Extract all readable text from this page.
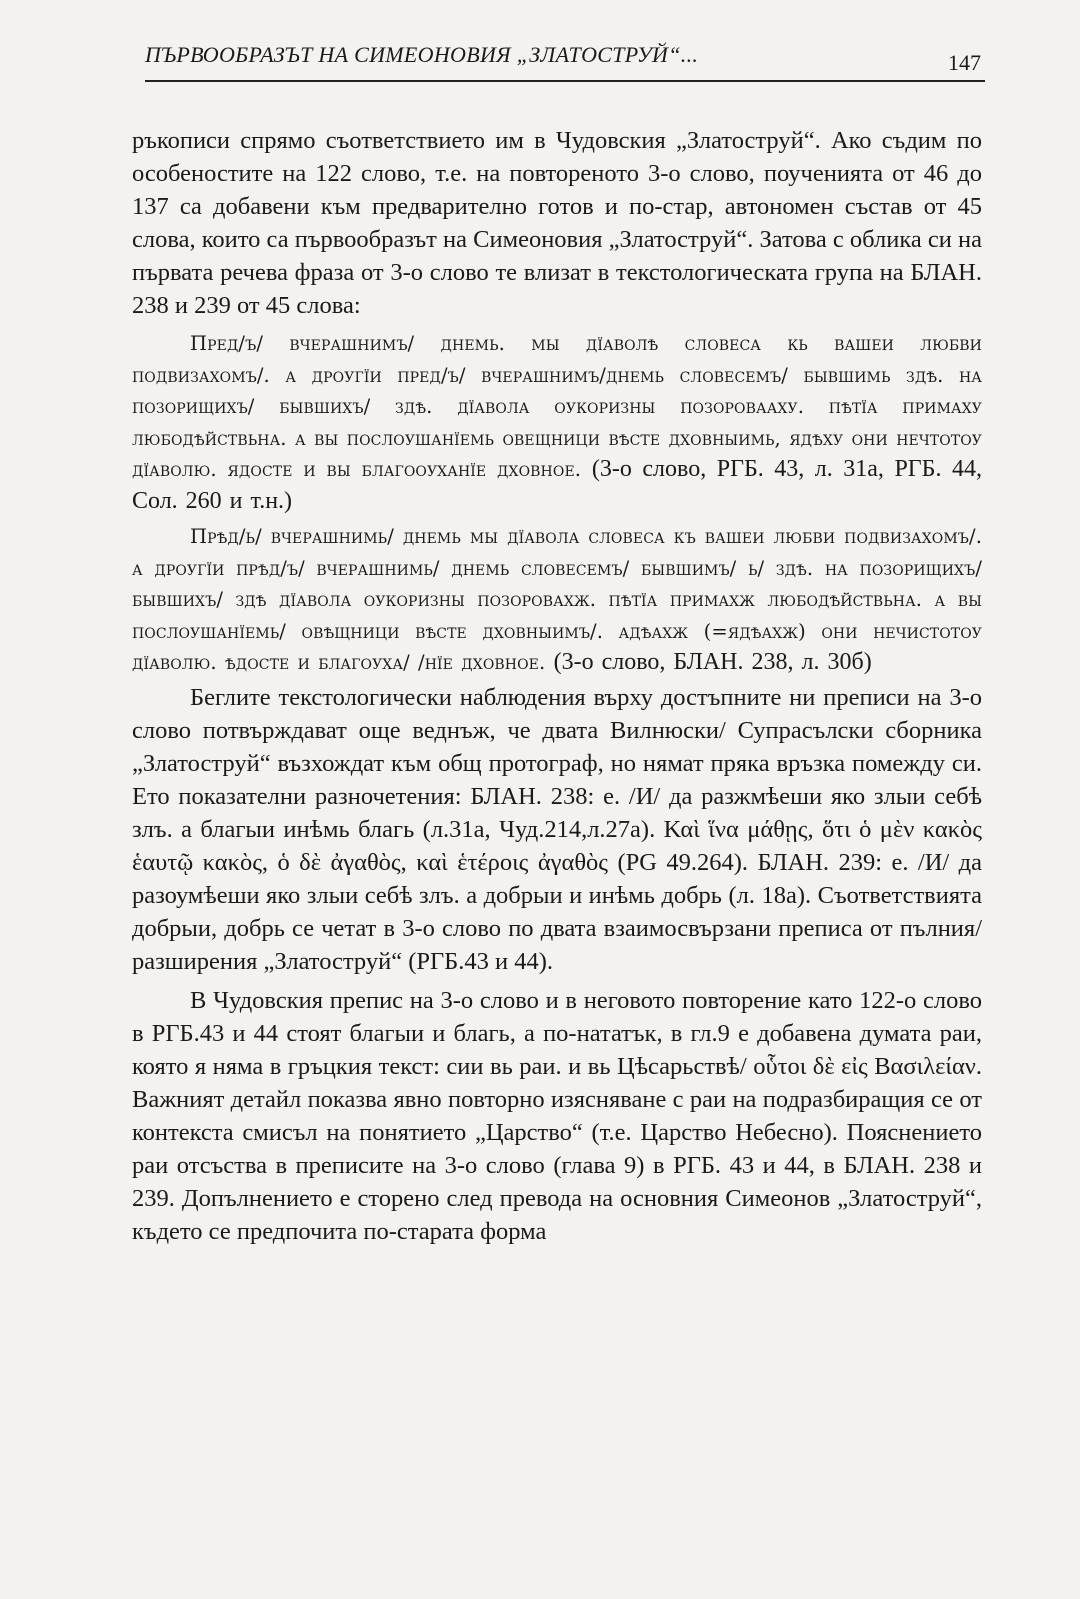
ПЪРВООБРАЗЪТ НА СИМЕОНОВИЯ „ЗЛАТОСТРУЙ“...	147

ръкописи спрямо съответствието им в Чудовския „Златоструй“. Ако съдим по особеностите на 122 слово, т.е. на повтореното 3-о слово, поученията от 46 до 137 са добавени към предварително готов и по-стар, автономен състав от 45 слова, които са първообразът на Симеоновия „Златоструй“. Затова с облика си на първата речева фраза от 3-о слово те влизат в текстологическата група на БЛАН. 238 и 239 от 45 слова:

Пред/ъ/ вчерашнимъ/ днемь. мы дїаволѣ словеса кь вашеи любви подвизахомъ/. а дроугїи пред/ъ/ вчерашнимъ/днемь словесемъ/ бывшимь здѣ. на позорищихъ/ бывшихъ/ здѣ. дїавола оукоризны позоровааху. пѣтїа примаху любодѣйствьна. а вы послоушанїемь овещници вѣсте дховныимь, ядѣху они нечтотоу дїаволю. ядосте и вы благооуханїе дховное. (3-о слово, РГБ. 43, л. 31а, РГБ. 44, Сол. 260 и т.н.)

Прѣд/ь/ вчерашнимь/ днемь мы дїавола словеса къ вашеи любви подвизахомъ/. а дроугїи прѣд/ъ/ вчерашнимь/ днемь словесемъ/ бывшимъ/ ь/ здѣ. на позорищихъ/ бывшихъ/ здѣ дїавола оукоризны позоровахж. пѣтїа примахж любодѣйствьна. а вы послоушанїемь/ овѣщници вѣсте дховныимъ/. адѣахж (=ядѣахж) они нечистотоу дїаволю. ѣдосте и благоуха/ /нїе дховное. (3-о слово, БЛАН. 238, л. 30б)

Беглите текстологически наблюдения върху достъпните ни преписи на 3-о слово потвърждават още веднъж, че двата Вилнюски/ Супрасълски сборника „Златоструй“ възхождат към общ протограф, но нямат пряка връзка помежду си. Ето показателни разночетения: БЛАН. 238: е. /И/ да разжмѣеши яко злыи себѣ злъ. а благыи инѣмь благь (л.31а, Чуд.214,л.27а). Καὶ ἵνα μάθῃς, ὅτι ὁ μὲν κακὸς ἑαυτῷ κακὸς, ὁ δὲ ἀγαθὸς, καὶ ἑτέροις ἀγαθὸς (PG 49.264). БЛАН. 239: е. /И/ да разоумѣеши яко злыи себѣ злъ. а добрыи и инѣмь добрь (л. 18а). Съответствията добрыи, добрь се четат в 3-о слово по двата взаимосвързани преписа от пълния/ разширения „Златоструй“ (РГБ.43 и 44).

В Чудовския препис на 3-о слово и в неговото повторение като 122-о слово в РГБ.43 и 44 стоят благыи и благь, а по-нататък, в гл.9 е добавена думата раи, която я няма в гръцкия текст: сии вь раи. и вь Цѣсарьствѣ/ οὗτοι δὲ εἰς Βασιλείαν. Важният детайл показва явно повторно изясняване с раи на подразбиращия се от контекста смисъл на понятието „Царство“ (т.е. Царство Небесно). Пояснението раи отсъства в преписите на 3-о слово (глава 9) в РГБ. 43 и 44, в БЛАН. 238 и 239. Допълнението е сторено след превода на основния Симеонов „Златоструй“, където се предпочита по-старата форма
